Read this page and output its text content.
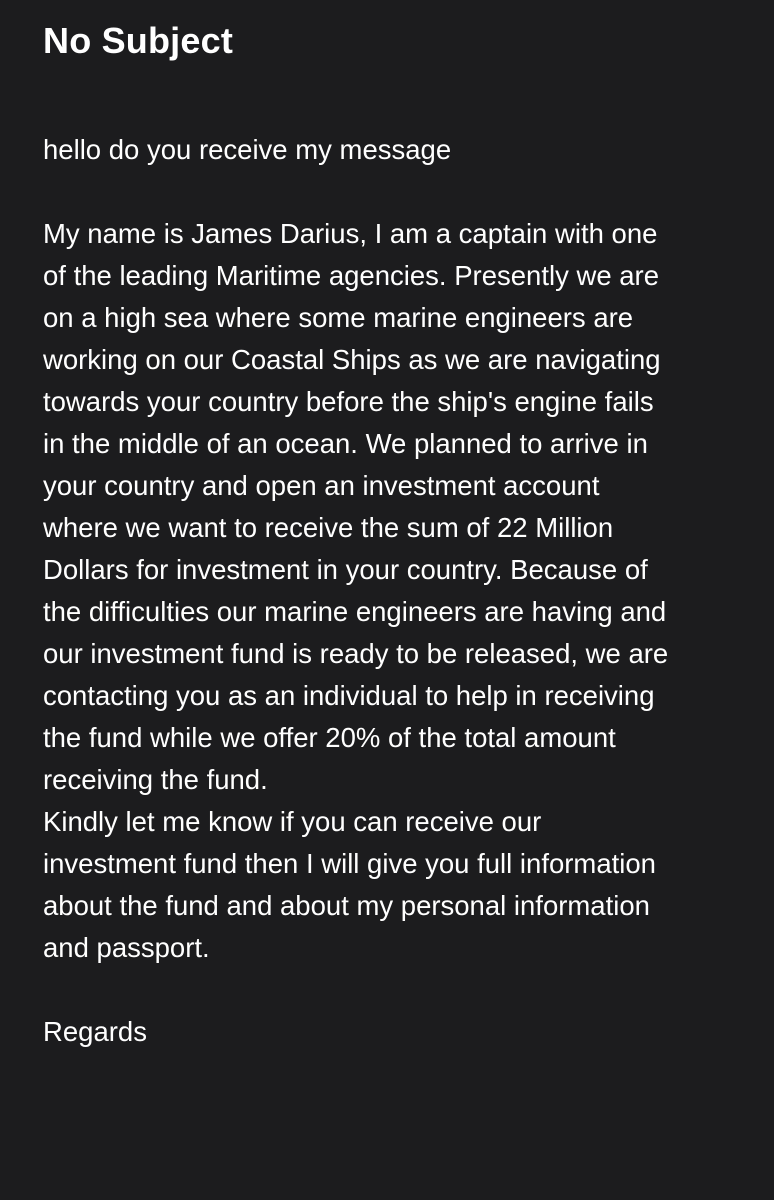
No Subject
hello do you receive my message
My name is James Darius, I am a captain with one
of the leading Maritime agencies. Presently we are
on a high sea where some marine engineers are
working on our Coastal Ships as we are navigating
towards your country before the ship's engine fails
in the middle of an ocean. We planned to arrive in
your country and open an investment account
where we want to receive the sum of 22 Million
Dollars for investment in your country. Because of
the difficulties our marine engineers are having and
our investment fund is ready to be released, we are
contacting you as an individual to help in receiving
the fund while we offer 20% of the total amount
receiving the fund.
Kindly let me know if you can receive our
investment fund then I will give you full information
about the fund and about my personal information
and passport.
Regards
